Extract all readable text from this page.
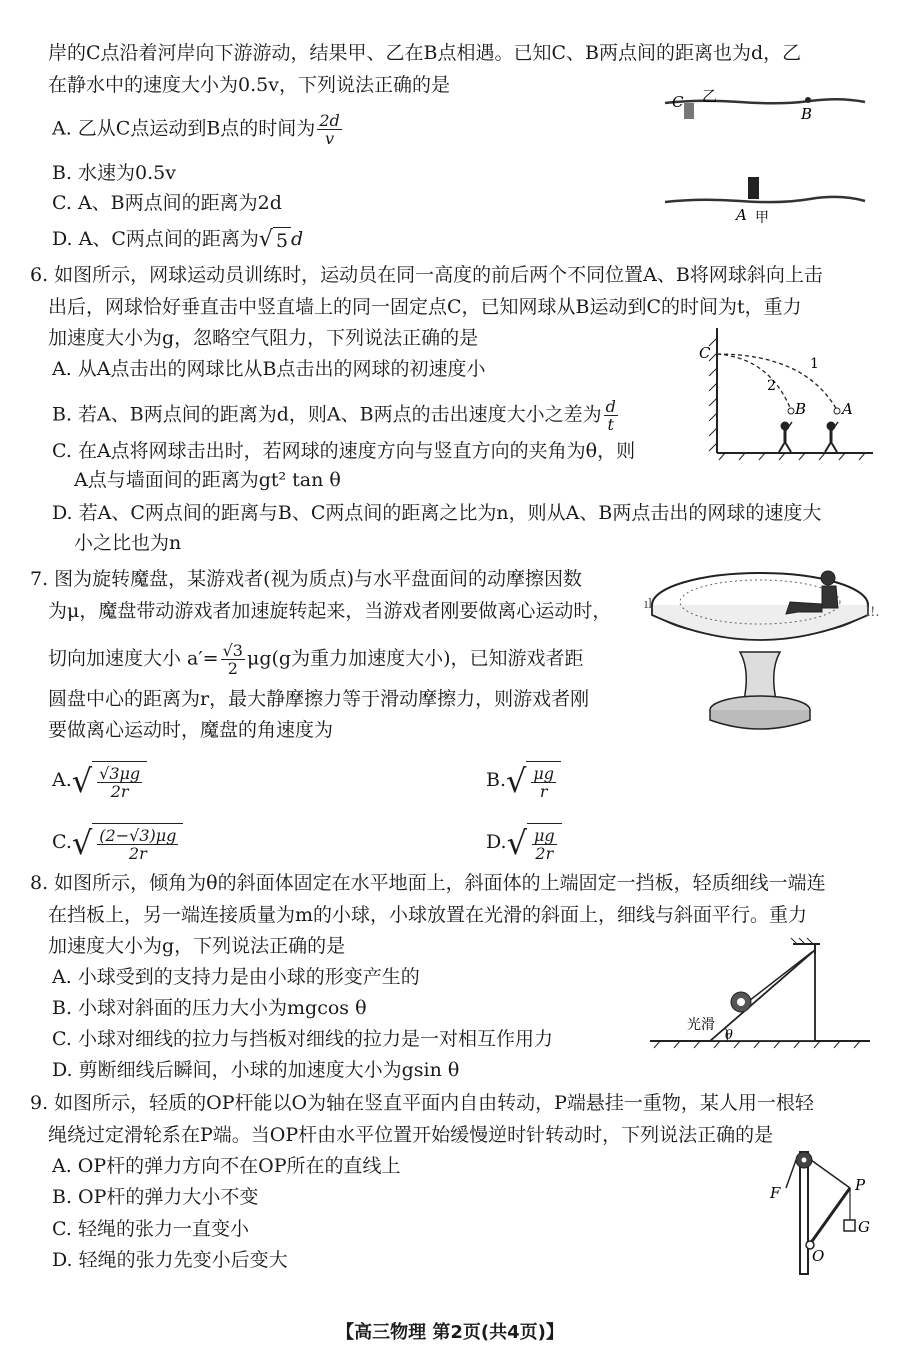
岸的C点沿着河岸向下游游动，结果甲、乙在B点相遇。已知C、B两点间的距离也为d，乙
在静水中的速度大小为0.5v，下列说法正确的是
A. 乙从C点运动到B点的时间为 $\frac{2d}{v}$
B. 水速为0.5v
C. A、B两点间的距离为2d
D. A、C两点间的距离为√ 5 d
C 乙
B
A 甲
6. 如图所示，网球运动员训练时，运动员在同一高度的前后两个不同位置A、B将网球斜向上击
出后，网球恰好垂直击中竖直墙上的同一固定点C，已知网球从B运动到C的时间为t，重力
加速度大小为g，忽略空气阻力，下列说法正确的是
A. 从A点击出的网球比从B点击出的网球的初速度小
B. 若A、B两点间的距离为d，则A、B两点的击出速度大小之差为 $\frac{d}{t}$
C. 在A点将网球击出时，若网球的速度方向与竖直方向的夹角为θ，则
A点与墙面间的距离为gt² tan θ
D. 若A、C两点间的距离与B、C两点间的距离之比为n，则从A、B两点击出的网球的速度大
小之比也为n
C
1
2
B A
7. 图为旋转魔盘，某游戏者(视为质点)与水平盘面间的动摩擦因数
为μ，魔盘带动游戏者加速旋转起来，当游戏者刚要做离心运动时，
切向加速度大小 $a'= \frac{√3}{2} \mu g(g$为重力加速度大小)，已知游戏者距
圆盘中心的距离为r，最大静摩擦力等于滑动摩擦力，则游戏者刚
要做离心运动时，魔盘的角速度为
$A.√ \frac{√3\mu g}{2r}$	$B.√ \frac{\mu g}{r}$
$C.√ \frac{(2-√3)\mu g}{2r}$	$D.√ \frac{\mu g}{2r}$
ıl
l!.
8. 如图所示，倾角为θ的斜面体固定在水平地面上，斜面体的上端固定一挡板，轻质细线一端连
在挡板上，另一端连接质量为m的小球，小球放置在光滑的斜面上，细线与斜面平行。重力
加速度大小为g，下列说法正确的是
A. 小球受到的支持力是由小球的形变产生的
B. 小球对斜面的压力大小为mgcos θ
C. 小球对细线的拉力与挡板对细线的拉力是一对相互作用力
D. 剪断细线后瞬间，小球的加速度大小为gsin θ
光滑
θ
9. 如图所示，轻质的OP杆能以O为轴在竖直平面内自由转动，P端悬挂一重物，某人用一根轻
绳绕过定滑轮系在P端。当OP杆由水平位置开始缓慢逆时针转动时，下列说法正确的是
A. OP杆的弹力方向不在OP所在的直线上
B. OP杆的弹力大小不变
C. 轻绳的张力一直变小
D. 轻绳的张力先变小后变大
F
O
P
G
【高三物理 第2页(共4页)】
